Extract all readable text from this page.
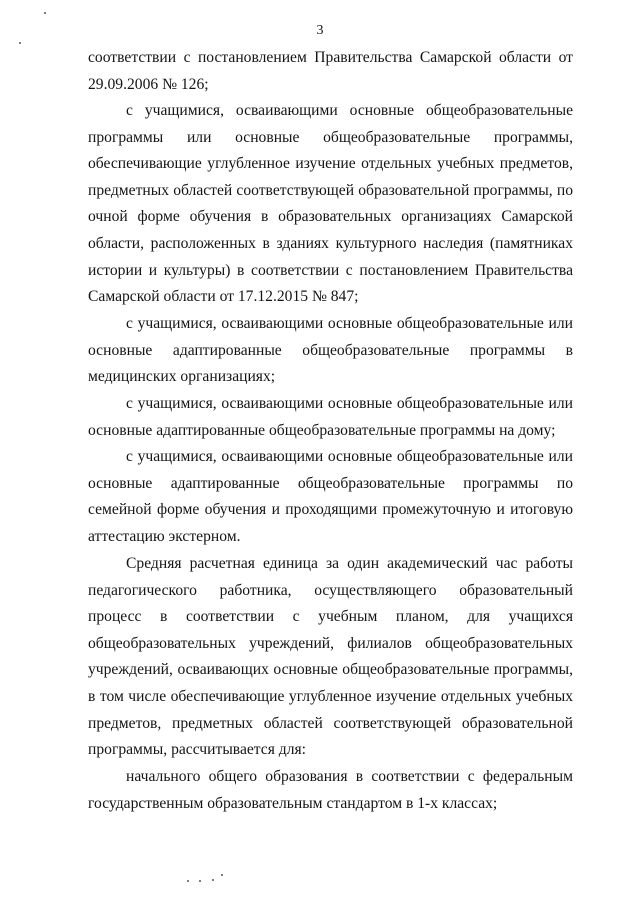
3

соответствии с постановлением Правительства Самарской области от 29.09.2006 № 126;

с учащимися, осваивающими основные общеобразовательные программы или основные общеобразовательные программы, обеспечивающие углубленное изучение отдельных учебных предметов, предметных областей соответствующей образовательной программы, по очной форме обучения в образовательных организациях Самарской области, расположенных в зданиях культурного наследия (памятниках истории и культуры) в соответствии с постановлением Правительства Самарской области от 17.12.2015 № 847;

с учащимися, осваивающими основные общеобразовательные или основные адаптированные общеобразовательные программы в медицинских организациях;

с учащимися, осваивающими основные общеобразовательные или основные адаптированные общеобразовательные программы на дому;

с учащимися, осваивающими основные общеобразовательные или основные адаптированные общеобразовательные программы по семейной форме обучения и проходящими промежуточную и итоговую аттестацию экстерном.

Средняя расчетная единица за один академический час работы педагогического работника, осуществляющего образовательный процесс в соответствии с учебным планом, для учащихся общеобразовательных учреждений, филиалов общеобразовательных учреждений, осваивающих основные общеобразовательные программы, в том числе обеспечивающие углубленное изучение отдельных учебных предметов, предметных областей соответствующей образовательной программы, рассчитывается для:

начального общего образования в соответствии с федеральным государственным образовательным стандартом в 1-х классах;
